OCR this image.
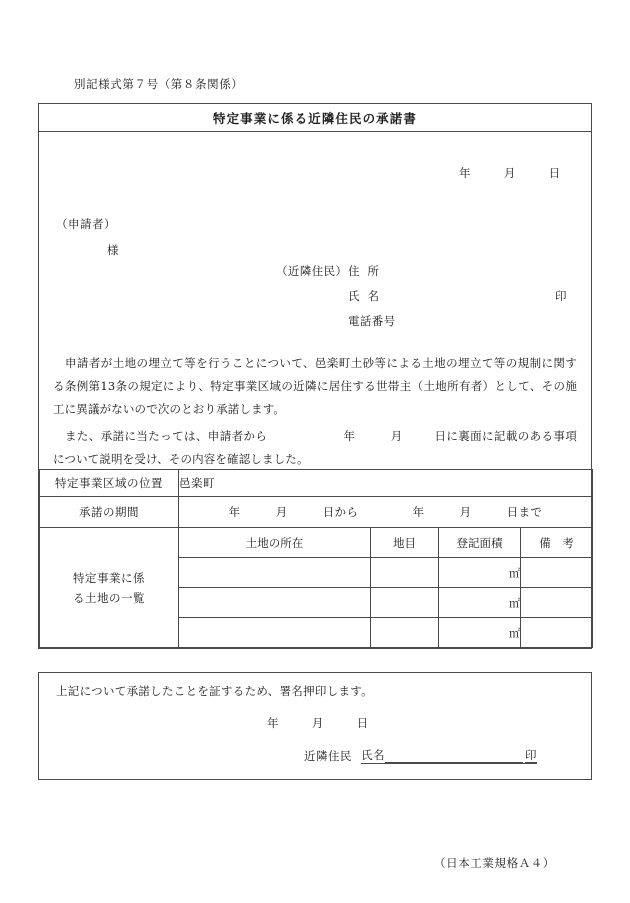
別記様式第７号（第８条関係）
特定事業に係る近隣住民の承諾書
年	月	日
（申請者）
様
（近隣住民） 住所
氏名	印
電話番号
申請者が土地の埋立て等を行うことについて、邑楽町土砂等による土地の埋立て等の規制に関する条例第13条の規定により、特定事業区域の近隣に居住する世帯主（土地所有者）として、その施工に異議がないので次のとおり承諾します。
また、承諾に当たっては、申請者から	年	月	日に裏面に記載のある事項について説明を受け、その内容を確認しました。
特定事業区域の位置	邑楽町			
承諾の期間	年 月 日から 年 月 日まで			

特定事業に係
る土地の一覧	土地の所在	地目	登記面積	備　考
			㎡	
			㎡	
			㎡	
上記について承諾したことを証するため、署名押印します。
年	月	日
近隣住民 氏名	印
（日本工業規格Ａ４）
